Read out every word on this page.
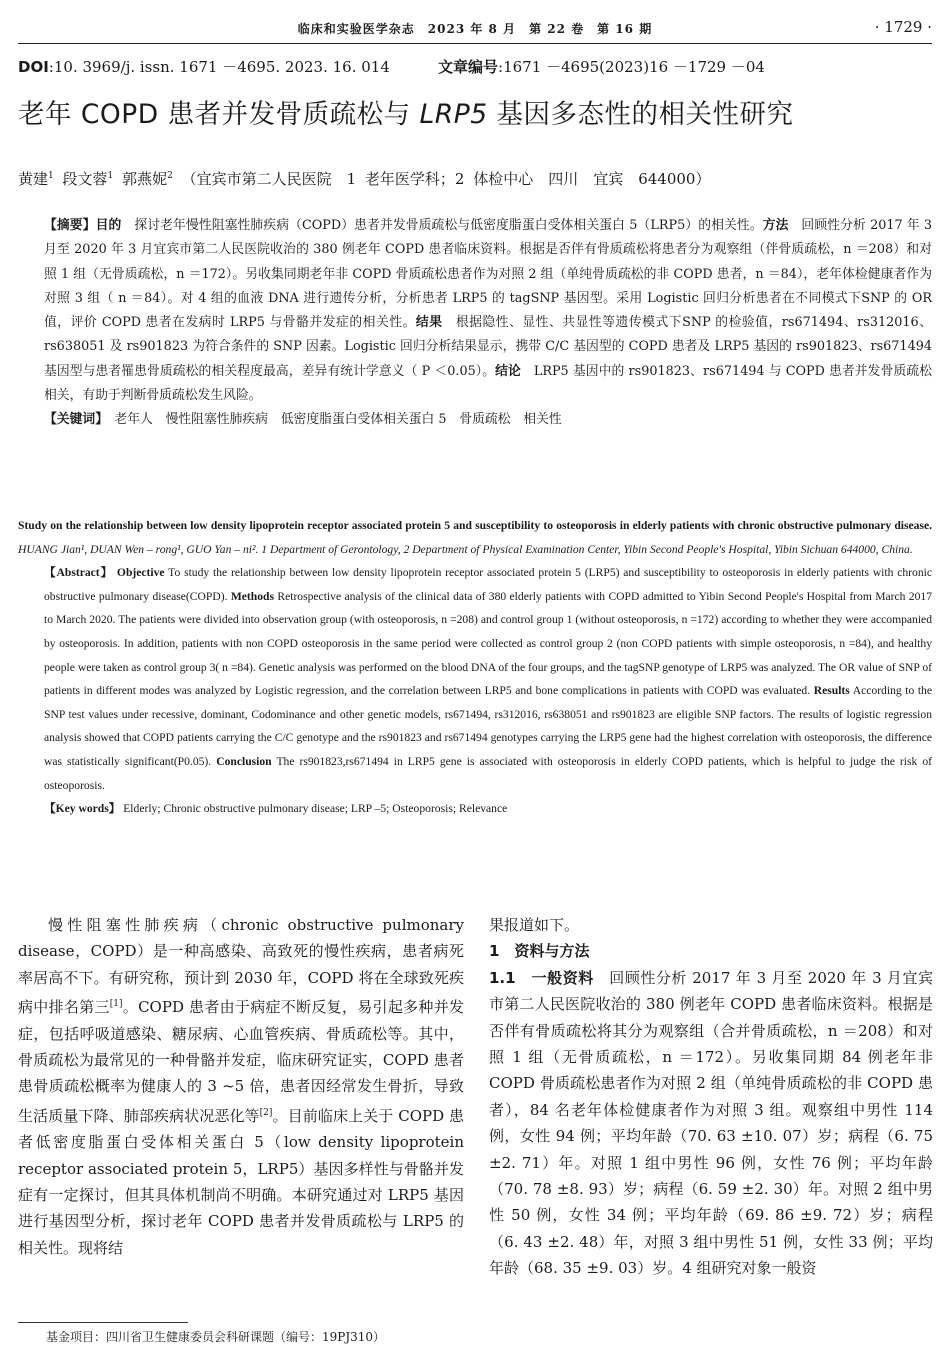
临床和实验医学杂志　2023 年 8 月　第 22 卷　第 16 期	· 1729 ·
DOI:10. 3969/j. issn. 1671 －4695. 2023. 16. 014	文章编号:1671 －4695(2023)16 －1729 －04
老年 COPD 患者并发骨质疏松与 LRP5 基因多态性的相关性研究
黄建$^1$ 段文蓉$^1$ 郭燕妮$^2$ （宜宾市第二人民医院　1 老年医学科；2 体检中心　四川　宜宾　644000）
【摘要】目的　探讨老年慢性阻塞性肺疾病（COPD）患者并发骨质疏松与低密度脂蛋白受体相关蛋白 5（LRP5）的相关性。方法　回顾性分析 2017 年 3 月至 2020 年 3 月宜宾市第二人民医院收治的 380 例老年 COPD 患者临床资料。根据是否伴有骨质疏松将患者分为观察组（伴骨质疏松，n ＝208）和对照 1 组（无骨质疏松，n ＝172）。另收集同期老年非 COPD 骨质疏松患者作为对照 2 组（单纯骨质疏松的非 COPD 患者，n ＝84），老年体检健康者作为对照 3 组（ n ＝84）。对 4 组的血液 DNA 进行遗传分析，分析患者 LRP5 的 tagSNP 基因型。采用 Logistic 回归分析患者在不同模式下SNP 的 OR 值，评价 COPD 患者在发病时 LRP5 与骨骼并发症的相关性。结果　根据隐性、显性、共显性等遗传模式下SNP 的检验值，rs671494、rs312016、rs638051 及 rs901823 为符合条件的 SNP 因素。Logistic 回归分析结果显示，携带 C/C 基因型的 COPD 患者及 LRP5 基因的 rs901823、rs671494 基因型与患者罹患骨质疏松的相关程度最高，差异有统计学意义（ P ＜0.05）。结论　LRP5 基因中的 rs901823、rs671494 与 COPD 患者并发骨质疏松相关，有助于判断骨质疏松发生风险。
【关键词】　老年人　慢性阻塞性肺疾病　低密度脂蛋白受体相关蛋白 5　骨质疏松　相关性
Study on the relationship between low density lipoprotein receptor associated protein 5 and susceptibility to osteoporosis in elderly patients with chronic obstructive pulmonary disease. HUANG Jian¹, DUAN Wen – rong¹, GUO Yan – ni². 1 Department of Gerontology, 2 Department of Physical Examination Center, Yibin Second People's Hospital, Yibin Sichuan 644000, China.
【Abstract】 Objective To study the relationship between low density lipoprotein receptor associated protein 5 (LRP5) and susceptibility to osteoporosis in elderly patients with chronic obstructive pulmonary disease(COPD). Methods Retrospective analysis of the clinical data of 380 elderly patients with COPD admitted to Yibin Second People's Hospital from March 2017 to March 2020. The patients were divided into observation group (with osteoporosis, n =208) and control group 1 (without osteoporosis, n =172) according to whether they were accompanied by osteoporosis. In addition, patients with non COPD osteoporosis in the same period were collected as control group 2 (non COPD patients with simple osteoporosis, n =84), and healthy people were taken as control group 3( n =84). Genetic analysis was performed on the blood DNA of the four groups, and the tagSNP genotype of LRP5 was analyzed. The OR value of SNP of patients in different modes was analyzed by Logistic regression, and the correlation between LRP5 and bone complications in patients with COPD was evaluated. Results According to the SNP test values under recessive, dominant, Codominance and other genetic models, rs671494, rs312016, rs638051 and rs901823 are eligible SNP factors. The results of logistic regression analysis showed that COPD patients carrying the C/C genotype and the rs901823 and rs671494 genotypes carrying the LRP5 gene had the highest correlation with osteoporosis, the difference was statistically significant(P0.05). Conclusion The rs901823,rs671494 in LRP5 gene is associated with osteoporosis in elderly COPD patients, which is helpful to judge the risk of osteoporosis.
【Key words】 Elderly; Chronic obstructive pulmonary disease; LRP –5; Osteoporosis; Relevance

慢性阻塞性肺疾病（chronic obstructive pulmonary disease，COPD）是一种高感染、高致死的慢性疾病，患者病死率居高不下。有研究称，预计到 2030 年，COPD 将在全球致死疾病中排名第三[1]。COPD 患者由于病症不断反复，易引起多种并发症，包括呼吸道感染、糖尿病、心血管疾病、骨质疏松等。其中，骨质疏松为最常见的一种骨骼并发症，临床研究证实，COPD 患者患骨质疏松概率为健康人的 3 ~5 倍，患者因经常发生骨折，导致生活质量下降、肺部疾病状况恶化等[2]。目前临床上关于 COPD 患者低密度脂蛋白受体相关蛋白 5（low density lipoprotein receptor associated protein 5，LRP5）基因多样性与骨骼并发症有一定探讨，但其具体机制尚不明确。本研究通过对 LRP5 基因进行基因型分析，探讨老年 COPD 患者并发骨质疏松与 LRP5 的相关性。现将结

果报道如下。

1　资料与方法

1.1　一般资料　回顾性分析 2017 年 3 月至 2020 年 3 月宜宾市第二人民医院收治的 380 例老年 COPD 患者临床资料。根据是否伴有骨质疏松将其分为观察组（合并骨质疏松，n ＝208）和对照 1 组（无骨质疏松，n ＝172）。另收集同期 84 例老年非 COPD 骨质疏松患者作为对照 2 组（单纯骨质疏松的非 COPD 患者），84 名老年体检健康者作为对照 3 组。观察组中男性 114 例，女性 94 例；平均年龄（70. 63 ±10. 07）岁；病程（6. 75 ±2. 71）年。对照 1 组中男性 96 例，女性 76 例；平均年龄（70. 78 ±8. 93）岁；病程（6. 59 ±2. 30）年。对照 2 组中男性 50 例，女性 34 例；平均年龄（69. 86 ±9. 72）岁；病程（6. 43 ±2. 48）年，对照 3 组中男性 51 例，女性 33 例；平均年龄（68. 35 ±9. 03）岁。4 组研究对象一般资

基金项目：四川省卫生健康委员会科研课题（编号：19PJ310）
